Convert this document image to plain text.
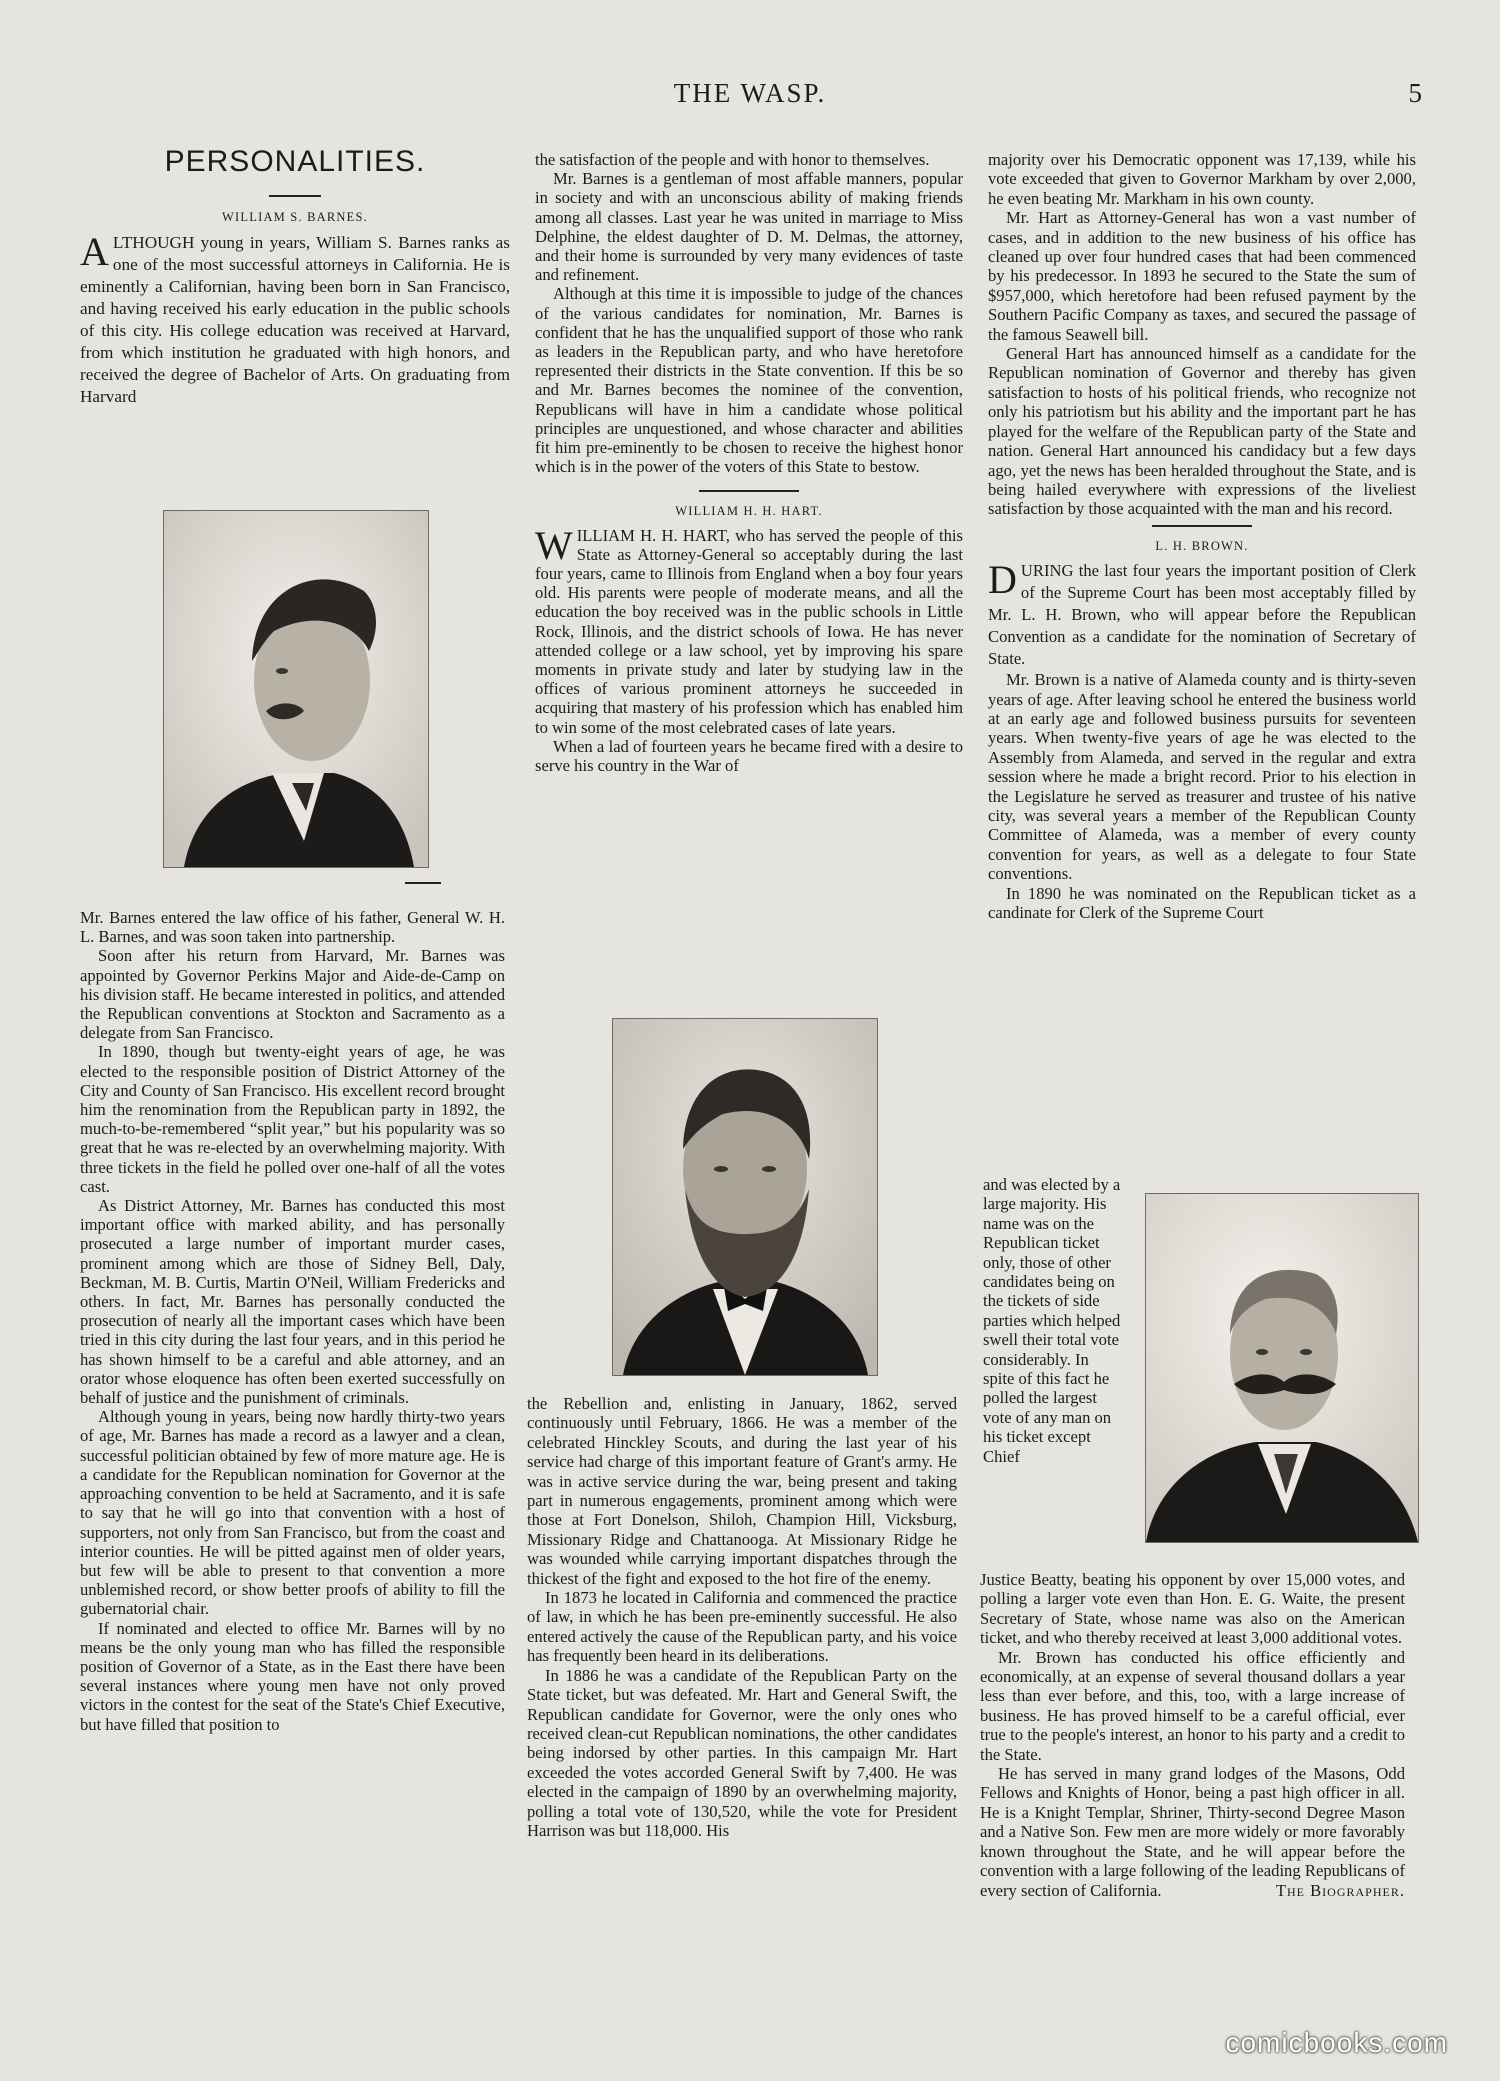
THE WASP.	5
PERSONALITIES.
WILLIAM S. BARNES.

ALTHOUGH young in years, William S. Barnes ranks as one of the most successful attorneys in California. He is eminently a Californian, having been born in San Francisco, and having received his early education in the public schools of this city. His college education was received at Harvard, from which institution he graduated with high honors, and received the degree of Bachelor of Arts. On graduating from Harvard

Mr. Barnes entered the law office of his father, General W. H. L. Barnes, and was soon taken into partnership.

Soon after his return from Harvard, Mr. Barnes was appointed by Governor Perkins Major and Aide-de-Camp on his division staff. He became interested in politics, and attended the Republican conventions at Stockton and Sacramento as a delegate from San Francisco.

In 1890, though but twenty-eight years of age, he was elected to the responsible position of District Attorney of the City and County of San Francisco. His excellent record brought him the renomination from the Republican party in 1892, the much-to-be-remembered “split year,” but his popularity was so great that he was re-elected by an overwhelming majority. With three tickets in the field he polled over one-half of all the votes cast.

As District Attorney, Mr. Barnes has conducted this most important office with marked ability, and has personally prosecuted a large number of important murder cases, prominent among which are those of Sidney Bell, Daly, Beckman, M. B. Curtis, Martin O'Neil, William Fredericks and others. In fact, Mr. Barnes has personally conducted the prosecution of nearly all the important cases which have been tried in this city during the last four years, and in this period he has shown himself to be a careful and able attorney, and an orator whose eloquence has often been exerted successfully on behalf of justice and the punishment of criminals.

Although young in years, being now hardly thirty-two years of age, Mr. Barnes has made a record as a lawyer and a clean, successful politician obtained by few of more mature age. He is a candidate for the Republican nomination for Governor at the approaching convention to be held at Sacramento, and it is safe to say that he will go into that convention with a host of supporters, not only from San Francisco, but from the coast and interior counties. He will be pitted against men of older years, but few will be able to present to that convention a more unblemished record, or show better proofs of ability to fill the gubernatorial chair.

If nominated and elected to office Mr. Barnes will by no means be the only young man who has filled the responsible position of Governor of a State, as in the East there have been several instances where young men have not only proved victors in the contest for the seat of the State's Chief Executive, but have filled that position to

the satisfaction of the people and with honor to themselves.

Mr. Barnes is a gentleman of most affable manners, popular in society and with an unconscious ability of making friends among all classes. Last year he was united in marriage to Miss Delphine, the eldest daughter of D. M. Delmas, the attorney, and their home is surrounded by very many evidences of taste and refinement.

Although at this time it is impossible to judge of the chances of the various candidates for nomination, Mr. Barnes is confident that he has the unqualified support of those who rank as leaders in the Republican party, and who have heretofore represented their districts in the State convention. If this be so and Mr. Barnes becomes the nominee of the convention, Republicans will have in him a candidate whose political principles are unquestioned, and whose character and abilities fit him pre-eminently to be chosen to receive the highest honor which is in the power of the voters of this State to bestow.

WILLIAM H. H. HART.

WILLIAM H. H. HART, who has served the people of this State as Attorney-General so acceptably during the last four years, came to Illinois from England when a boy four years old. His parents were people of moderate means, and all the education the boy received was in the public schools in Little Rock, Illinois, and the district schools of Iowa. He has never attended college or a law school, yet by improving his spare moments in private study and later by studying law in the offices of various prominent attorneys he succeeded in acquiring that mastery of his profession which has enabled him to win some of the most celebrated cases of late years.

When a lad of fourteen years he became fired with a desire to serve his country in the War of

the Rebellion and, enlisting in January, 1862, served continuously until February, 1866. He was a member of the celebrated Hinckley Scouts, and during the last year of his service had charge of this important feature of Grant's army. He was in active service during the war, being present and taking part in numerous engagements, prominent among which were those at Fort Donelson, Shiloh, Champion Hill, Vicksburg, Missionary Ridge and Chattanooga. At Missionary Ridge he was wounded while carrying important dispatches through the thickest of the fight and exposed to the hot fire of the enemy.

In 1873 he located in California and commenced the practice of law, in which he has been pre-eminently successful. He also entered actively the cause of the Republican party, and his voice has frequently been heard in its deliberations.

In 1886 he was a candidate of the Republican Party on the State ticket, but was defeated. Mr. Hart and General Swift, the Republican candidate for Governor, were the only ones who received clean-cut Republican nominations, the other candidates being indorsed by other parties. In this campaign Mr. Hart exceeded the votes accorded General Swift by 7,400. He was elected in the campaign of 1890 by an overwhelming majority, polling a total vote of 130,520, while the vote for President Harrison was but 118,000. His

majority over his Democratic opponent was 17,139, while his vote exceeded that given to Governor Markham by over 2,000, he even beating Mr. Markham in his own county.

Mr. Hart as Attorney-General has won a vast number of cases, and in addition to the new business of his office has cleaned up over four hundred cases that had been commenced by his predecessor. In 1893 he secured to the State the sum of $957,000, which heretofore had been refused payment by the Southern Pacific Company as taxes, and secured the passage of the famous Seawell bill.

General Hart has announced himself as a candidate for the Republican nomination of Governor and thereby has given satisfaction to hosts of his political friends, who recognize not only his patriotism but his ability and the important part he has played for the welfare of the Republican party of the State and nation. General Hart announced his candidacy but a few days ago, yet the news has been heralded throughout the State, and is being hailed everywhere with expressions of the liveliest satisfaction by those acquainted with the man and his record.

L. H. BROWN.

DURING the last four years the important position of Clerk of the Supreme Court has been most acceptably filled by Mr. L. H. Brown, who will appear before the Republican Convention as a candidate for the nomination of Secretary of State.

Mr. Brown is a native of Alameda county and is thirty-seven years of age. After leaving school he entered the business world at an early age and followed business pursuits for seventeen years. When twenty-five years of age he was elected to the Assembly from Alameda, and served in the regular and extra session where he made a bright record. Prior to his election in the Legislature he served as treasurer and trustee of his native city, was several years a member of the Republican County Committee of Alameda, was a member of every county convention for years, as well as a delegate to four State conventions.

In 1890 he was nominated on the Republican ticket as a candinate for Clerk of the Supreme Court

and was elected by a large majority. His name was on the Republican ticket only, those of other candidates being on the tickets of side parties which helped swell their total vote considerably. In spite of this fact he polled the largest vote of any man on his ticket except Chief

Justice Beatty, beating his opponent by over 15,000 votes, and polling a larger vote even than Hon. E. G. Waite, the present Secretary of State, whose name was also on the American ticket, and who thereby received at least 3,000 additional votes.

Mr. Brown has conducted his office efficiently and economically, at an expense of several thousand dollars a year less than ever before, and this, too, with a large increase of business. He has proved himself to be a careful official, ever true to the people's interest, an honor to his party and a credit to the State.

He has served in many grand lodges of the Masons, Odd Fellows and Knights of Honor, being a past high officer in all. He is a Knight Templar, Shriner, Thirty-second Degree Mason and a Native Son. Few men are more widely or more favorably known throughout the State, and he will appear before the convention with a large following of the leading Republicans of every section of California.	The Biographer.

comicbooks.com
